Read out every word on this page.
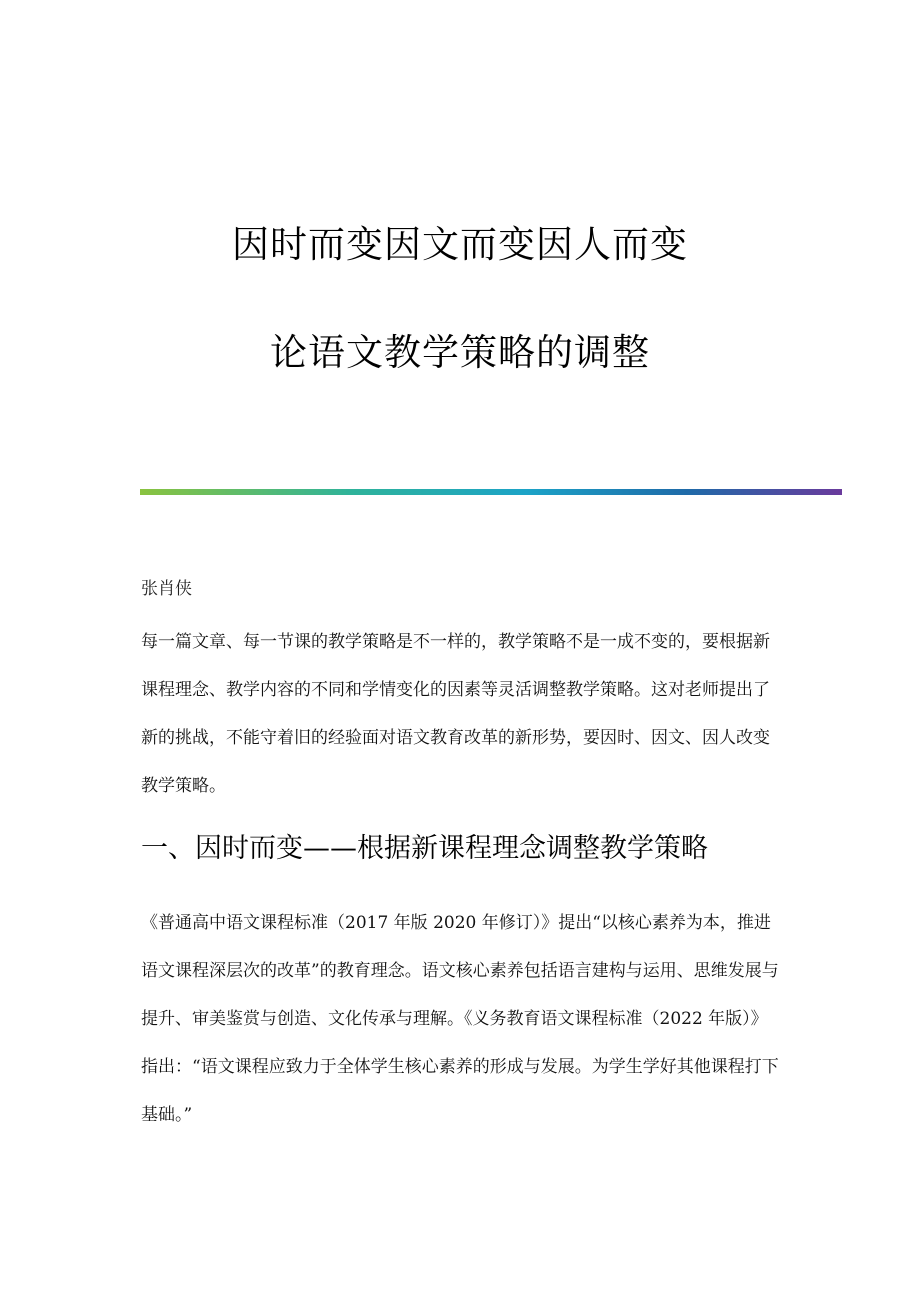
因时而变因文而变因人而变
论语文教学策略的调整
张肖侠

每一篇文章、每一节课的教学策略是不一样的，教学策略不是一成不变的，要根据新课程理念、教学内容的不同和学情变化的因素等灵活调整教学策略。这对老师提出了新的挑战，不能守着旧的经验面对语文教育改革的新形势，要因时、因文、因人改变教学策略。

一、因时而变——根据新课程理念调整教学策略

《普通高中语文课程标准（2017 年版 2020 年修订）》提出“以核心素养为本，推进语文课程深层次的改革”的教育理念。语文核心素养包括语言建构与运用、思维发展与提升、审美鉴赏与创造、文化传承与理解。《义务教育语文课程标准（2022 年版）》指出：“语文课程应致力于全体学生核心素养的形成与发展。为学生学好其他课程打下基础。”
